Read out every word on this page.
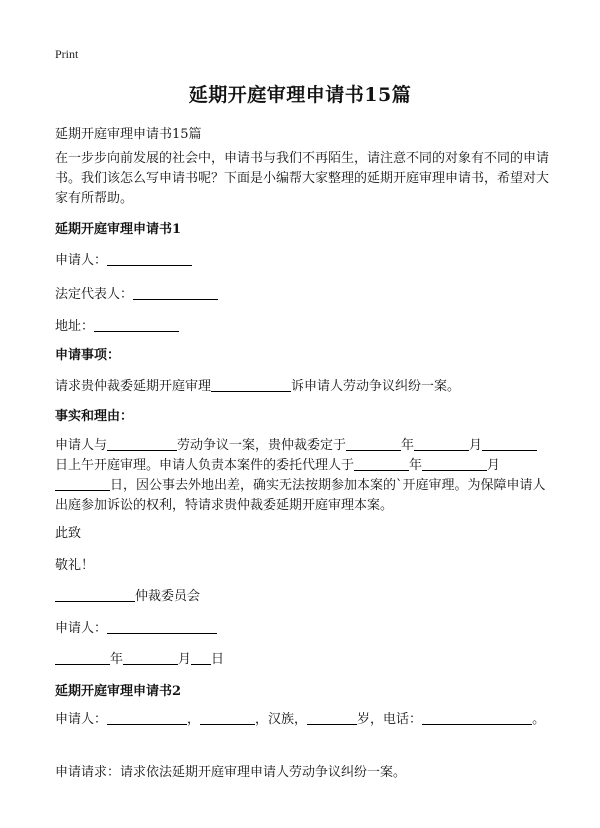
Print
延期开庭审理申请书15篇
延期开庭审理申请书15篇
在一步步向前发展的社会中，申请书与我们不再陌生，请注意不同的对象有不同的申请书。我们该怎么写申请书呢？下面是小编帮大家整理的延期开庭审理申请书，希望对大家有所帮助。
延期开庭审理申请书1
申请人：
法定代表人：
地址：
申请事项：
请求贵仲裁委延期开庭审理	诉申请人劳动争议纠纷一案。
事实和理由：
申请人与	劳动争议一案，贵仲裁委定于	年	月日上午开庭审理。申请人负责本案件的委托代理人于	年	月日，因公事去外地出差，确实无法按期参加本案的`开庭审理。为保障申请人出庭参加诉讼的权利，特请求贵仲裁委延期开庭审理本案。
此致
敬礼！
仲裁委员会
申请人：
年	月 日
延期开庭审理申请书2
申请人：	，	，汉族，	岁，电话：	。
申请请求：请求依法延期开庭审理申请人劳动争议纠纷一案。
